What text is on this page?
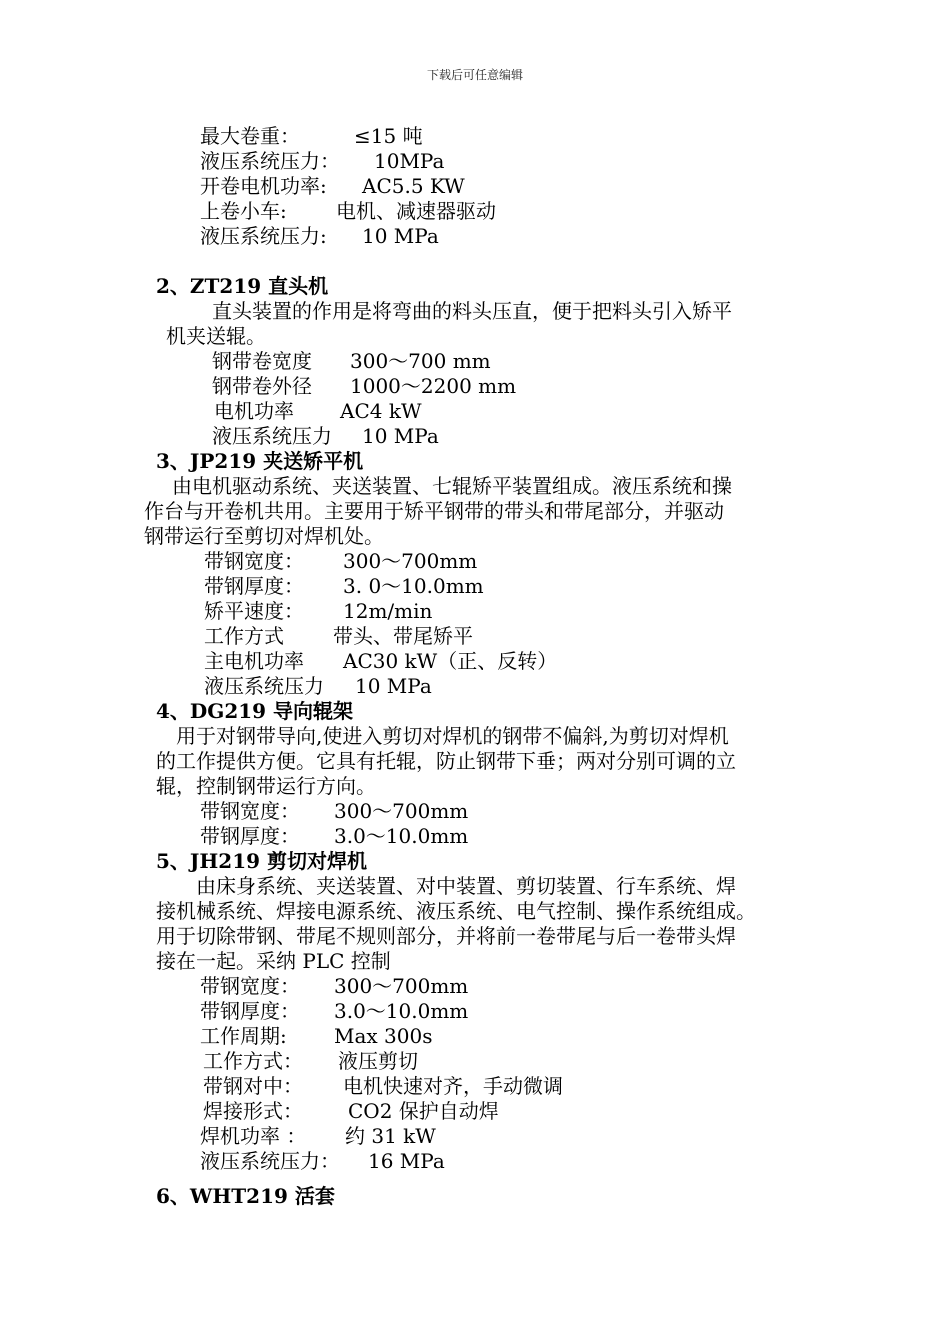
下载后可任意编辑
最大卷重：	≤15 吨
液压系统压力： 10MPa
开卷电机功率: AC5.5 KW
上卷小车: 电机、减速器驱动
液压系统压力: 10 MPa
2、ZT219 直头机
直头装置的作用是将弯曲的料头压直，便于把料头引入矫平
机夹送辊。
钢带卷宽度 300～700 mm
钢带卷外径 1000～2200 mm
电机功率 AC4 kW
液压系统压力 10 MPa
3、JP219 夹送矫平机
由电机驱动系统、夹送装置、七辊矫平装置组成。液压系统和操
作台与开卷机共用。主要用于矫平钢带的带头和带尾部分，并驱动
钢带运行至剪切对焊机处。
带钢宽度： 300～700mm
带钢厚度： 3. 0～10.0mm
矫平速度： 12m/min
工作方式 带头、带尾矫平
主电机功率 AC30 kW（正、反转）
液压系统压力 10 MPa
4、DG219 导向辊架
用于对钢带导向,使进入剪切对焊机的钢带不偏斜,为剪切对焊机
的工作提供方便。它具有托辊，防止钢带下垂；两对分别可调的立
辊，控制钢带运行方向。
带钢宽度： 300～700mm
带钢厚度： 3.0～10.0mm
5、JH219 剪切对焊机
由床身系统、夹送装置、对中装置、剪切装置、行车系统、焊
接机械系统、焊接电源系统、液压系统、电气控制、操作系统组成。
用于切除带钢、带尾不规则部分，并将前一卷带尾与后一卷带头焊
接在一起。采纳 PLC 控制
带钢宽度： 300～700mm
带钢厚度： 3.0～10.0mm
工作周期: Max 300s
工作方式： 液压剪切
带钢对中： 电机快速对齐，手动微调
焊接形式： CO2 保护自动焊
焊机功率 ： 约 31 kW
液压系统压力： 16 MPa
6、WHT219 活套
